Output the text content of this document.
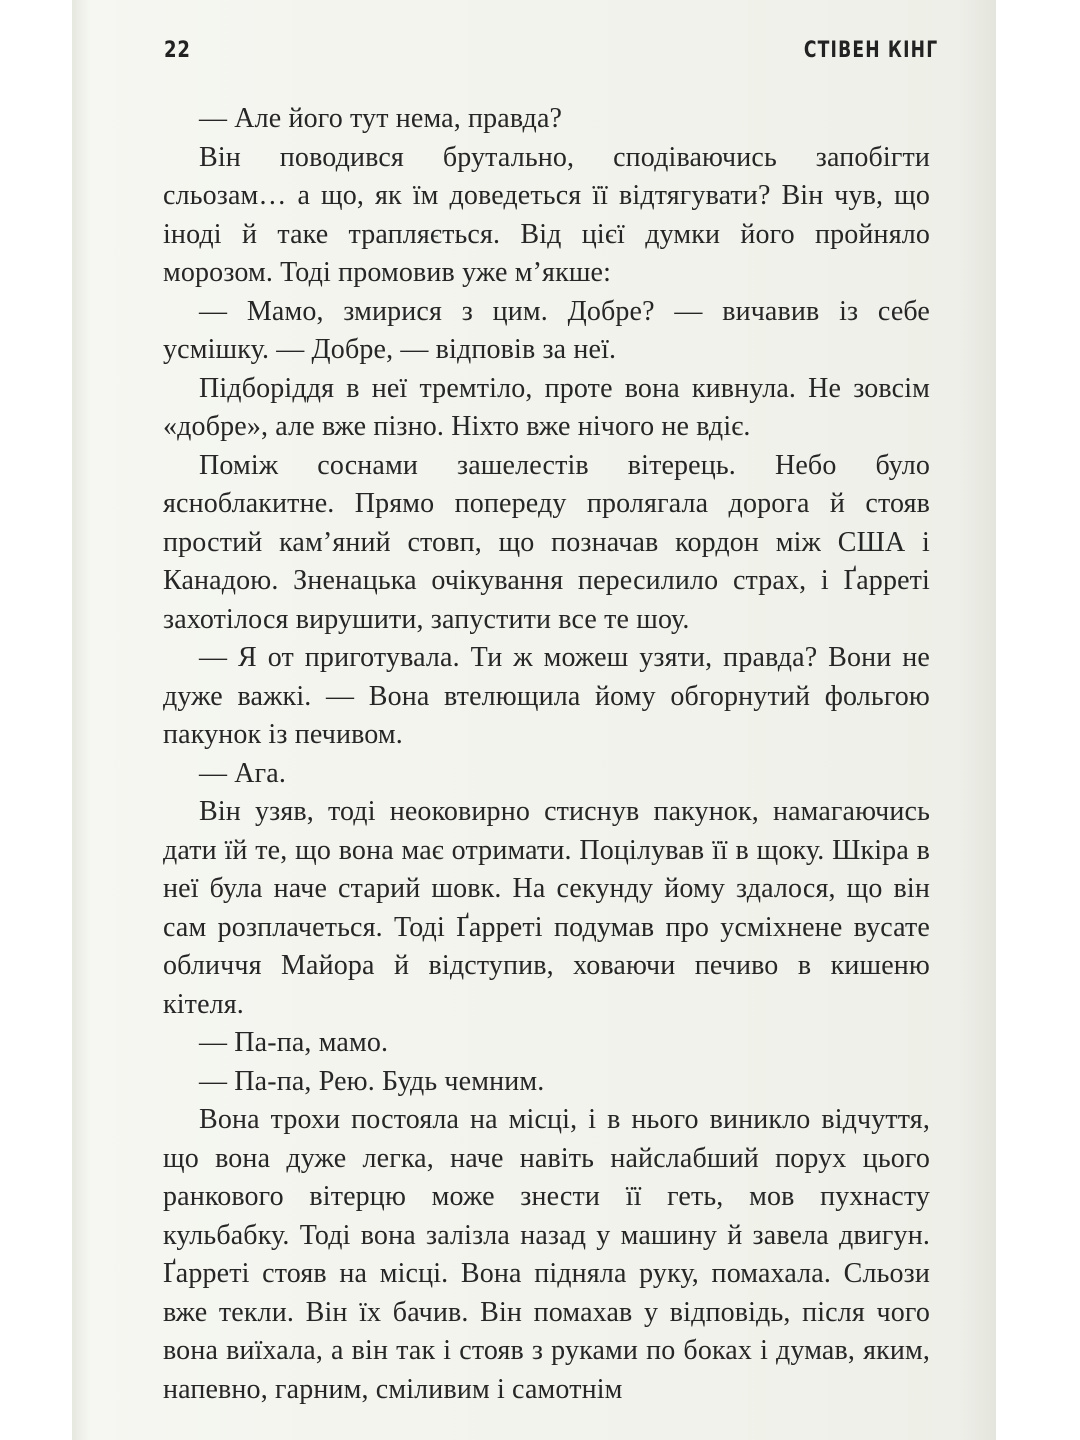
22	СТІВЕН КІНГ

— Але його тут нема, правда?

Він поводився брутально, сподіваючись запобігти сльозам… а що, як їм доведеться її відтягувати? Він чув, що іноді й таке трапляється. Від цієї думки його пройняло морозом. Тоді промовив уже м’якше:

— Мамо, змирися з цим. Добре? — вичавив із себе усмішку. — Добре, — відповів за неї.

Підборіддя в неї тремтіло, проте вона кивнула. Не зовсім «добре», але вже пізно. Ніхто вже нічого не вдіє.

Поміж соснами зашелестів вітерець. Небо було ясноблакитне. Прямо попереду пролягала дорога й стояв простий кам’яний стовп, що позначав кордон між США і Канадою. Зненацька очікування пересилило страх, і Ґарреті захотілося вирушити, запустити все те шоу.

— Я от приготувала. Ти ж можеш узяти, правда? Вони не дуже важкі. — Вона втелющила йому обгорнутий фольгою пакунок із печивом.

— Ага.

Він узяв, тоді неоковирно стиснув пакунок, намагаючись дати їй те, що вона має отримати. Поцілував її в щоку. Шкіра в неї була наче старий шовк. На секунду йому здалося, що він сам розплачеться. Тоді Ґарреті подумав про усміхнене вусате обличчя Майора й відступив, ховаючи печиво в кишеню кітеля.

— Па-па, мамо.

— Па-па, Рею. Будь чемним.

Вона трохи постояла на місці, і в нього виникло відчуття, що вона дуже легка, наче навіть найслабший порух цього ранкового вітерцю може знести її геть, мов пухнасту кульбабку. Тоді вона залізла назад у машину й завела двигун. Ґарреті стояв на місці. Вона підняла руку, помахала. Сльози вже текли. Він їх бачив. Він помахав у відповідь, після чого вона виїхала, а він так і стояв з руками по боках і думав, яким, напевно, гарним, сміливим і самотнім
